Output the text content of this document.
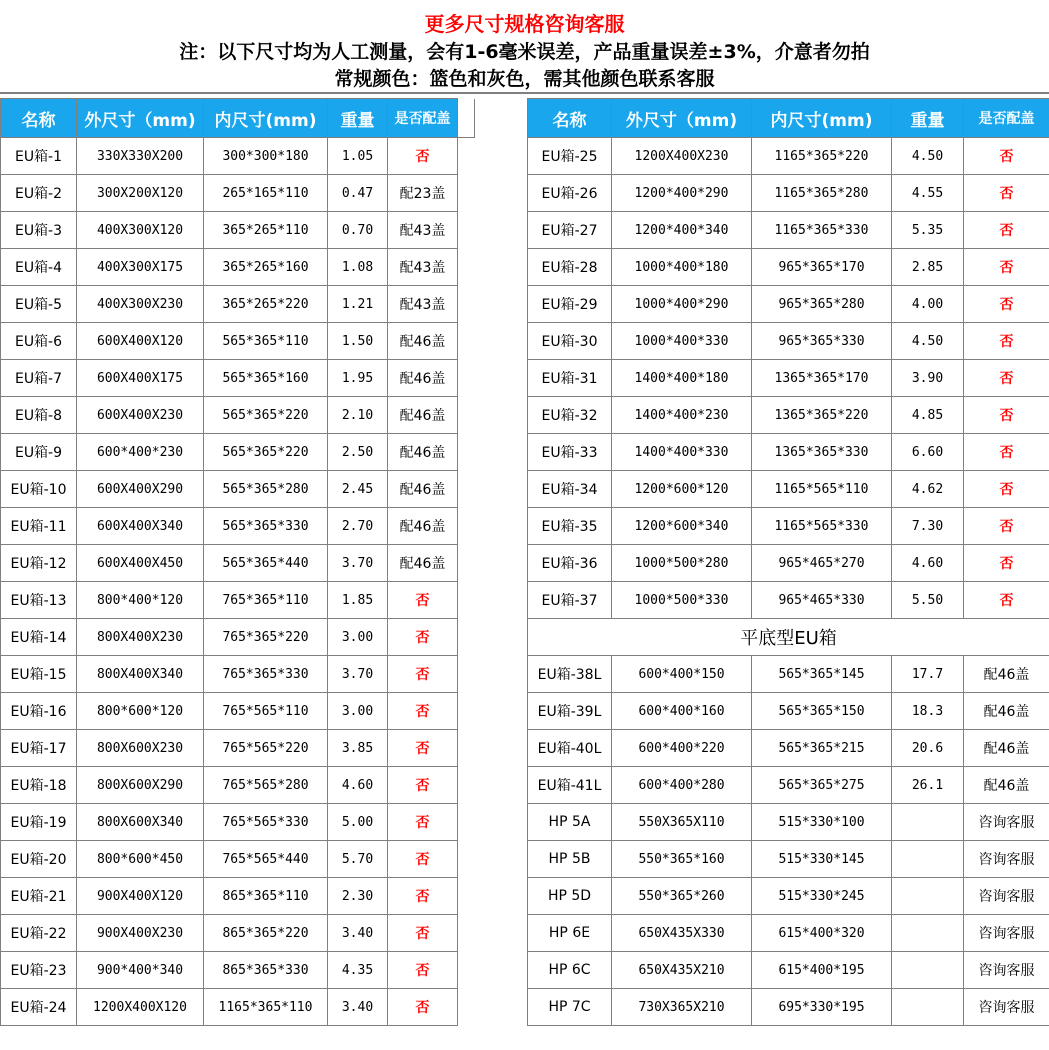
更多尺寸规格咨询客服
注：以下尺寸均为人工测量，会有1-6毫米误差，产品重量误差±3%，介意者勿拍
常规颜色：篮色和灰色，需其他颜色联系客服
名称	外尺寸（mm)	内尺寸(mm)	重量	是否配盖	
EU箱-1	330X330X200	300*300*180	1.05	否	
EU箱-2	300X200X120	265*165*110	0.47	配23盖	
EU箱-3	400X300X120	365*265*110	0.70	配43盖	
EU箱-4	400X300X175	365*265*160	1.08	配43盖	
EU箱-5	400X300X230	365*265*220	1.21	配43盖	
EU箱-6	600X400X120	565*365*110	1.50	配46盖	
EU箱-7	600X400X175	565*365*160	1.95	配46盖	
EU箱-8	600X400X230	565*365*220	2.10	配46盖	
EU箱-9	600*400*230	565*365*220	2.50	配46盖	
EU箱-10	600X400X290	565*365*280	2.45	配46盖	
EU箱-11	600X400X340	565*365*330	2.70	配46盖	
EU箱-12	600X400X450	565*365*440	3.70	配46盖	
EU箱-13	800*400*120	765*365*110	1.85	否	
EU箱-14	800X400X230	765*365*220	3.00	否	
EU箱-15	800X400X340	765*365*330	3.70	否	
EU箱-16	800*600*120	765*565*110	3.00	否	
EU箱-17	800X600X230	765*565*220	3.85	否	
EU箱-18	800X600X290	765*565*280	4.60	否	
EU箱-19	800X600X340	765*565*330	5.00	否	
EU箱-20	800*600*450	765*565*440	5.70	否	
EU箱-21	900X400X120	865*365*110	2.30	否	
EU箱-22	900X400X230	865*365*220	3.40	否	
EU箱-23	900*400*340	865*365*330	4.35	否	
EU箱-24	1200X400X120	1165*365*110	3.40	否	
名称	外尺寸（mm)	内尺寸(mm)	重量	是否配盖
EU箱-25	1200X400X230	1165*365*220	4.50	否
EU箱-26	1200*400*290	1165*365*280	4.55	否
EU箱-27	1200*400*340	1165*365*330	5.35	否
EU箱-28	1000*400*180	965*365*170	2.85	否
EU箱-29	1000*400*290	965*365*280	4.00	否
EU箱-30	1000*400*330	965*365*330	4.50	否
EU箱-31	1400*400*180	1365*365*170	3.90	否
EU箱-32	1400*400*230	1365*365*220	4.85	否
EU箱-33	1400*400*330	1365*365*330	6.60	否
EU箱-34	1200*600*120	1165*565*110	4.62	否
EU箱-35	1200*600*340	1165*565*330	7.30	否
EU箱-36	1000*500*280	965*465*270	4.60	否
EU箱-37	1000*500*330	965*465*330	5.50	否
平底型EU箱				
EU箱-38L	600*400*150	565*365*145	17.7	配46盖
EU箱-39L	600*400*160	565*365*150	18.3	配46盖
EU箱-40L	600*400*220	565*365*215	20.6	配46盖
EU箱-41L	600*400*280	565*365*275	26.1	配46盖
HP 5A	550X365X110	515*330*100		咨询客服
HP 5B	550*365*160	515*330*145		咨询客服
HP 5D	550*365*260	515*330*245		咨询客服
HP 6E	650X435X330	615*400*320		咨询客服
HP 6C	650X435X210	615*400*195		咨询客服
HP 7C	730X365X210	695*330*195		咨询客服
